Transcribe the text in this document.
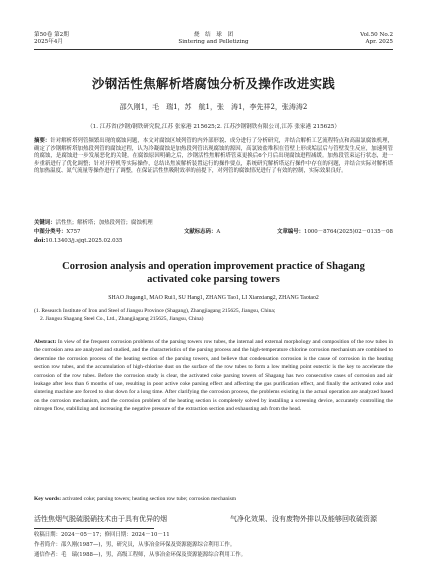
第50卷 第2期
2025年4月
烧　结　球　团
Sintering and Pelletizing
Vol.50 No.2
Apr. 2025
沙钢活性焦解析塔腐蚀分析及操作改进实践
邵久刚1，毛　瑞1，苏　航1，张　涛1，李先祥2，张涛涛2
（1. 江苏省(沙钢)钢铁研究院,江苏 张家港 215625;2. 江苏沙钢钢铁有限公司,江苏 张家港 215625）
摘要：针对解析塔列管频繁出现的腐蚀问题，本文对腐蚀区域列管的内外部形貌、成分进行了分析研究，并结合解析工艺流程特点和高温氯腐蚀机理，确定了沙钢解析塔加热段列管的腐蚀过程，认为冷凝腐蚀是加热段列管出现腐蚀的源因，高氯铵盐堆积在管壁上形成垢层后与管壁发生反应，加速列管的腐蚀，是腐蚀进一步发展恶化的关键。在腐蚀原因明确之后，沙钢活性焦解析塔管束更换后6个月后出现腐蚀进程减缓。加热段管束运行状态，进一步重新进行了优化调整；针对开停机等实际操作，总结出焦炭解析装置运行的操作要点，系统研究解析塔运行操作中存在的问题，并结合实际对解析塔的加热温度、氮气流量等操作进行了调整，在保证活性焦吸附效率的前提下，对列管的腐蚀情况进行了有效的控制，实际效果良好。
关键词：活性焦；解析塔；加热段列管；腐蚀机理
中图分类号：X757	文献标志码：A	文章编号：1000－8764(2025)02－0135－08
doi:10.13403/j.sjqt.2025.02.035
Corrosion analysis and operation improvement practice of Shagang activated coke parsing towers
SHAO Jiugang1, MAO Rui1, SU Hang1, ZHANG Tao1, LI Xianxiang2, ZHANG Taotao2
(1. Research Institute of Iron and Steel of Jiangsu Province (Shagang), Zhangjiagang 215625, Jiangsu, China;
2. Jiangsu Shagang Steel Co., Ltd., Zhangjiagang 215625, Jiangsu, China)
Abstract: In view of the frequent corrosion problems of the parsing towers row tubes, the internal and external morphology and composition of the row tubes in the corrosion area are analyzed and studied, and the characteristics of the parsing process and the high-temperature chlorine corrosion mechanism are combined to determine the corrosion process of the heating section of the parsing towers, and believe that condensation corrosion is the cause of corrosion in the heating section row tubes, and the accumulation of high-chlorine dust on the surface of the row tubes to form a low melting point eutectic is the key to accelerate the corrosion of the row tubes. Before the corrosion study is clear, the activated coke parsing towers of Shagang has two consecutive cases of corrosion and air leakage after less than 6 months of use, resulting in poor active coke parsing effect and affecting the gas purification effect, and finally the activated coke and sintering machine are forced to shut down for a long time. After clarifying the corrosion process, the problems existing in the actual operation are analyzed based on the corrosion mechanism, and the corrosion problem of the heating section is completely solved by installing a screening device, accurately controlling the nitrogen flow, stabilizing and increasing the negative pressure of the extraction section and exhausting ash from the head.
Key words: activated coke; parsing towers; heating section row tube; corrosion mechanism
活性焦烟气脱硫脱硝技术由于具有优异的烟	气净化效果、没有废物外排以及能够回收硫资源
收稿日期：2024－05－17；修回日期：2024－10－11
作者简介：邵久刚(1987—)，男，研究员，从事冶金环保及资源能源综合利用工作。
通信作者：毛　瑞(1988—)，男，高级工程师，从事冶金环保及资源能源综合利用工作。
